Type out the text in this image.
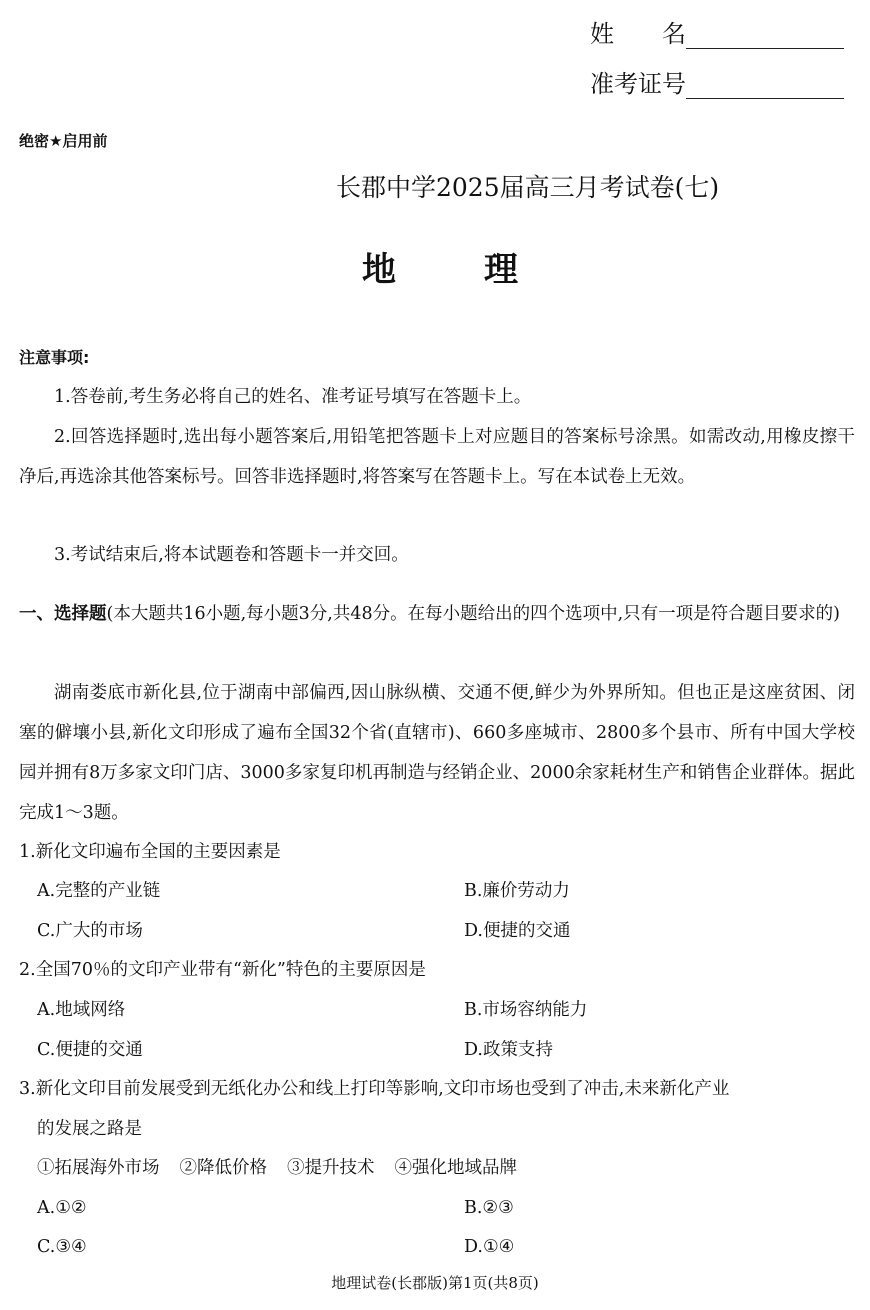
姓　　名
准考证号
绝密★启用前
长郡中学2025届高三月考试卷(七)
地	理
注意事项:
1.答卷前,考生务必将自己的姓名、准考证号填写在答题卡上。
2.回答选择题时,选出每小题答案后,用铅笔把答题卡上对应题目的答案标号涂黑。如需改动,用橡皮擦干净后,再选涂其他答案标号。回答非选择题时,将答案写在答题卡上。写在本试卷上无效。
3.考试结束后,将本试题卷和答题卡一并交回。
一、选择题(本大题共16小题,每小题3分,共48分。在每小题给出的四个选项中,只有一项是符合题目要求的)
湖南娄底市新化县,位于湖南中部偏西,因山脉纵横、交通不便,鲜少为外界所知。但也正是这座贫困、闭塞的僻壤小县,新化文印形成了遍布全国32个省(直辖市)、660多座城市、2800多个县市、所有中国大学校园并拥有8万多家文印门店、3000多家复印机再制造与经销企业、2000余家耗材生产和销售企业群体。据此完成1～3题。
1.新化文印遍布全国的主要因素是
A.完整的产业链	B.廉价劳动力
C.广大的市场	D.便捷的交通
2.全国70％的文印产业带有“新化”特色的主要原因是
A.地域网络	B.市场容纳能力
C.便捷的交通	D.政策支持
3.新化文印目前发展受到无纸化办公和线上打印等影响,文印市场也受到了冲击,未来新化产业
的发展之路是
①拓展海外市场 ②降低价格 ③提升技术 ④强化地域品牌
A.①②	B.②③
C.③④	D.①④
地理试卷(长郡版)第1页(共8页)
